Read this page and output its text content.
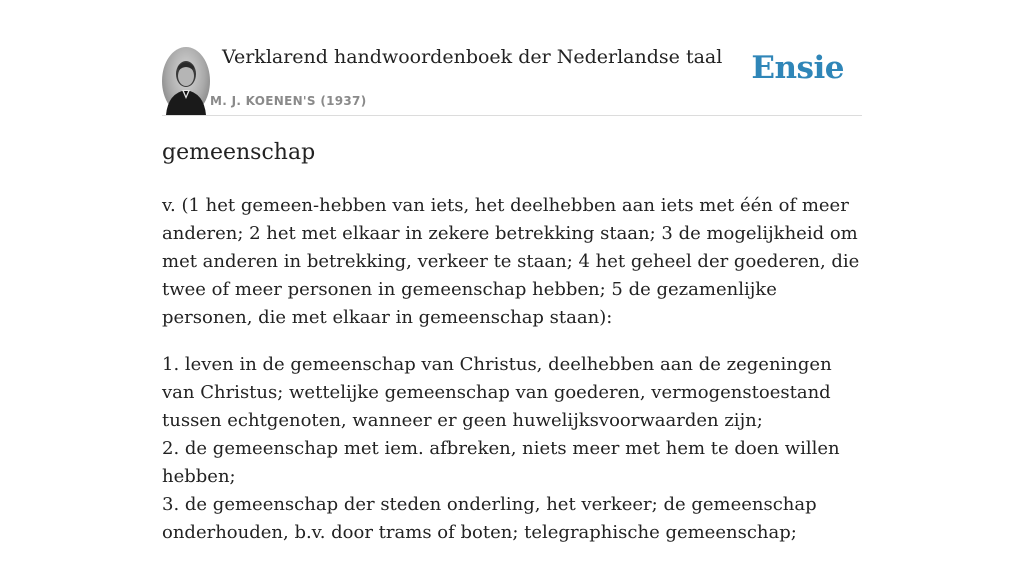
Verklarend handwoordenboek der Nederlandse taal
M. J. KOENEN'S (1937)
Ensie
gemeenschap

v. (1 het gemeen-hebben van iets, het deelhebben aan iets met één of meer anderen; 2 het met elkaar in zekere betrekking staan; 3 de mogelijkheid om met anderen in betrekking, verkeer te staan; 4 het geheel der goederen, die twee of meer personen in gemeenschap hebben; 5 de gezamenlijke personen, die met elkaar in gemeenschap staan):

1. leven in de gemeenschap van Christus, deelhebben aan de zegeningen van Christus; wettelijke gemeenschap van goederen, vermogenstoestand tussen echtgenoten, wanneer er geen huwelijksvoorwaarden zijn;
2. de gemeenschap met iem. afbreken, niets meer met hem te doen willen hebben;
3. de gemeenschap der steden onderling, het verkeer; de gemeenschap onderhouden, b.v. door trams of boten; telegraphische gemeenschap;
